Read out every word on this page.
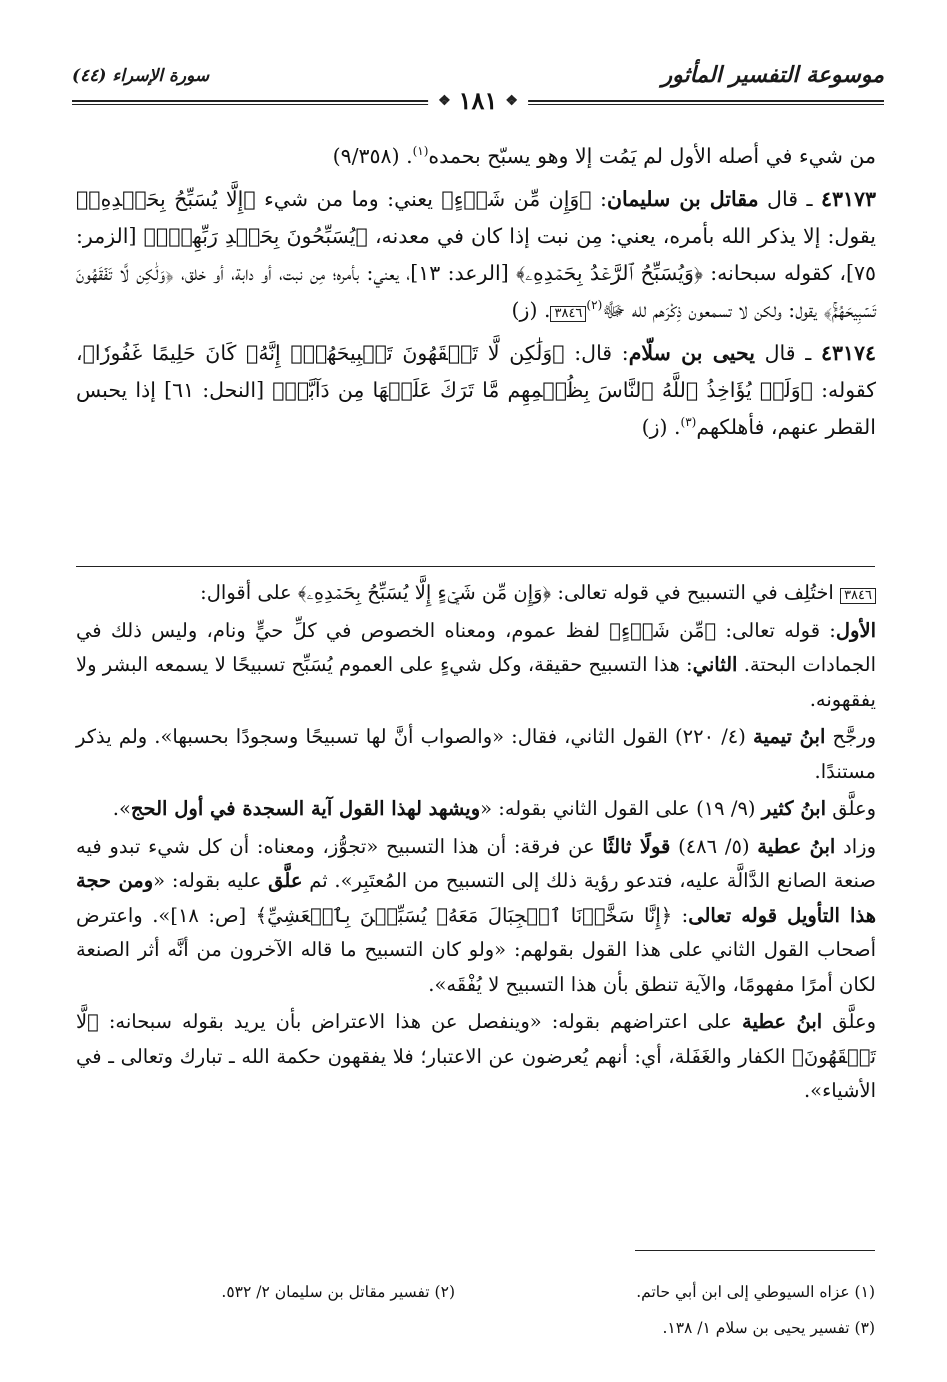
موسوعة التفسير المأثور
سورة الإسراء (٤٤)
❖
١٨١
❖

من شيء في أصله الأول لم يَمُت إلا وهو يسبّح بحمده$^{(١)}$. (٩/٣٥٨)

٤٣١٧٣ ـ قال مقاتل بن سليمان: ﴿وَإِن مِّن شَيۡءٍ﴾ يعني: وما من شيء ﴿إِلَّا يُسَبِّحُ بِحَمۡدِهِۦ﴾ يقول: إلا يذكر الله بأمره، يعني: مِن نبت إذا كان في معدنه، ﴿يُسَبِّحُونَ بِحَمۡدِ رَبِّهِمۡۖ﴾ [الزمر: ٧٥]، كقوله سبحانه: ﴿وَيُسَبِّحُ ٱلرَّعۡدُ بِحَمۡدِهِۦ﴾ [الرعد: ١٣]، يعني: بأمره؛ مِن نبت، أو دابة، أو خلق، ﴿وَلَٰكِن لَّا تَفۡقَهُونَ تَسۡبِيحَهُمۡۚ﴾ يقول: ولكن لا تسمعون ذِكْرَهم لله ﷻ$^{(٢)}$٣٨٤٦. (ز)

٤٣١٧٤ ـ قال يحيى بن سلّام: قال: ﴿وَلَٰكِن لَّا تَفۡقَهُونَ تَسۡبِيحَهُمۡۚ إِنَّهُۥ كَانَ حَلِيمًا غَفُورٗا﴾، كقوله: ﴿وَلَوۡ يُؤَاخِذُ ٱللَّهُ ٱلنَّاسَ بِظُلۡمِهِم مَّا تَرَكَ عَلَيۡهَا مِن دَآبَّةٖ﴾ [النحل: ٦١] إذا يحبس القطر عنهم، فأهلكهم$^{(٣)}$. (ز)

٣٨٤٦ اختُلِف في التسبيح في قوله تعالى: ﴿وَإِن مِّن شَيۡءٍ إِلَّا يُسَبِّحُ بِحَمۡدِهِۦ﴾ على أقوال:

الأول: قوله تعالى: ﴿مِّن شَيۡءٍ﴾ لفظ عموم، ومعناه الخصوص في كلِّ حيٍّ ونام، وليس ذلك في الجمادات البحتة. الثاني: هذا التسبيح حقيقة، وكل شيءٍ على العموم يُسَبِّح تسبيحًا لا يسمعه البشر ولا يفقهونه.

ورجَّح ابنُ تيمية (٤/ ٢٢٠) القول الثاني، فقال: «والصواب أنَّ لها تسبيحًا وسجودًا بحسبها». ولم يذكر مستندًا.

وعلَّق ابنُ كثير (٩/ ١٩) على القول الثاني بقوله: «ويشهد لهذا القول آية السجدة في أول الحج».

وزاد ابنُ عطية (٥/ ٤٨٦) قولًا ثالثًا عن فرقة: أن هذا التسبيح «تجوُّز، ومعناه: أن كل شيء تبدو فيه صنعة الصانع الدَّالَّة عليه، فتدعو رؤية ذلك إلى التسبيح من المُعتَبِر». ثم علَّق عليه بقوله: «ومن حجة هذا التأويل قوله تعالى: ﴿إِنَّا سَخَّرۡنَا ٱلۡجِبَالَ مَعَهُۥ يُسَبِّحۡنَ بِٱلۡعَشِيِّ﴾ [ص: ١٨]». واعترض أصحاب القول الثاني على هذا القول بقولهم: «ولو كان التسبيح ما قاله الآخرون من أنَّه أثر الصنعة لكان أمرًا مفهومًا، والآية تنطق بأن هذا التسبيح لا يُفْقَه».

وعلَّق ابنُ عطية على اعتراضهم بقوله: «وينفصل عن هذا الاعتراض بأن يريد بقوله سبحانه: ﴿لَّا تَفۡقَهُونَ﴾ الكفار والغَفَلة، أي: أنهم يُعرضون عن الاعتبار؛ فلا يفقهون حكمة الله ـ تبارك وتعالى ـ في الأشياء».

(١) عزاه السيوطي إلى ابن أبي حاتم.
(٢) تفسير مقاتل بن سليمان ٢/ ٥٣٢.
(٣) تفسير يحيى بن سلام ١/ ١٣٨.
